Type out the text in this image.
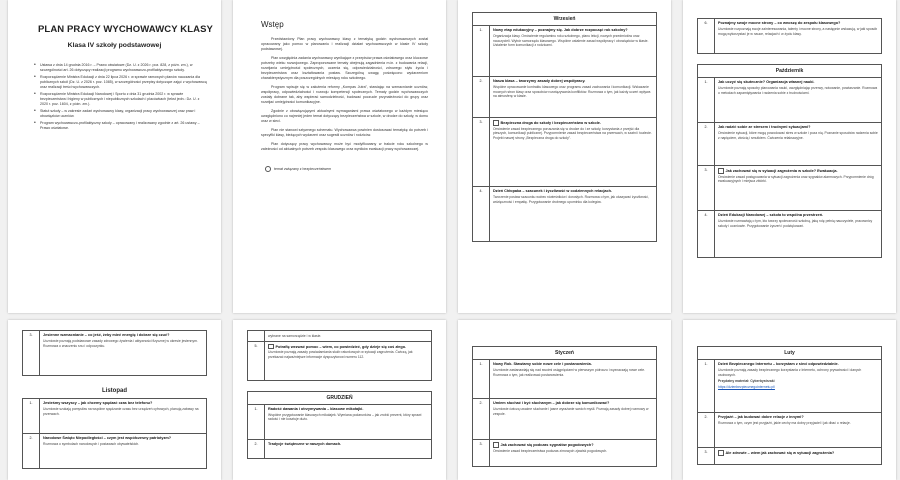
PLAN PRACY WYCHOWAWCY KLASY
Klasa IV szkoły podstawowej
• Ustawa z dnia 14 grudnia 2016 r. – Prawo oświatowe (Dz. U. z 2026 r. poz. 828, z późn. zm.), w szczególności art. 26 dotyczący realizacji programu wychowawczo-profilaktycznego szkoły.
• Rozporządzenie Ministra Edukacji z dnia 22 lipca 2026 r. w sprawie ramowych planów nauczania dla publicznych szkół (Dz. U. z 2026 r. poz. 1085), w szczególności przepisy dotyczące zajęć z wychowawcą oraz realizacji treści wychowawczych.
• Rozporządzenie Ministra Edukacji Narodowej i Sportu z dnia 31 grudnia 2002 r. w sprawie bezpieczeństwa i higieny w publicznych i niepublicznych szkołach i placówkach (tekst jedn.: Dz. U. z 2020 r. poz. 1604, z późn. zm.).
• Statut szkoły – w zakresie zadań wychowawcy klasy, organizacji pracy wychowawczej oraz praw i obowiązków uczniów.
• Program wychowawczo-profilaktyczny szkoły – opracowany i realizowany zgodnie z art. 26 ustawy – Prawo oświatowe.
Wstęp
Przedstawiony Plan pracy wychowawcy klasy z tematyką godzin wychowawczych został opracowany jako pomoc w planowaniu i realizacji działań wychowawczych w klasie IV szkoły podstawowej.
Plan uwzględnia zadania wychowawcy wynikające z przepisów prawa oświatowego oraz kluczowe potrzeby wieku rozwojowego. Zaproponowane tematy obejmują zagadnienia m.in. z budowania relacji, rozwijania umiejętności społecznych, uczenia się, odpowiedzialności, zdrowego stylu życia i bezpieczeństwa oraz kształtowania postaw. Szczególną uwagę poświęcono wydarzeniom charakterystycznym dla poszczególnych miesięcy roku szkolnego.
Program wpisuje się w założenia reformy „Kompas Jutra”, stawiając na wzmacnianie uczniów, współpracy, odpowiedzialności i rozwoju kompetencji społecznych. Tematy godzin wychowawczych zostały dobrane tak, aby wspierać samodzielność, budować poczucie przynależności do grupy oraz rozwijać umiejętności komunikacyjne.
Zgodnie z obowiązującymi aktualnymi wymaganiami prawa oświatowego w każdym miesiącu uwzględniono co najmniej jeden temat dotyczący bezpieczeństwa w szkole, w drodze do szkoły, w domu oraz w sieci.
Plan nie stanowi sztywnego schematu. Wychowawca powinien dostosować tematykę do potrzeb i specyfiki klasy, bieżących wydarzeń oraz sugestii uczniów i rodziców.
Plan dotyczący pracy wychowawcy może być modyfikowany w trakcie roku szkolnego w zależności od aktualnych potrzeb zespołu klasowego oraz wyników ewaluacji pracy wychowawczej.
temat związany z bezpieczeństwem
Wrzesień	
1.	Nowy etap edukacyjny – poznajmy się. Jak dobrze rozpocząć rok szkolny?
Organizacja klasy. Omówienie regulaminu roku szkolnego, planu lekcji, nowych przedmiotów oraz nauczycieli. Wybór samorządu klasowego. Wspólne ustalenie zasad współpracy i obowiązków w klasie. Ustalenie form komunikacji z rodzicami.

2.	Nasza klasa – tworzymy zasady dobrej współpracy.
Wspólne opracowanie kontraktu klasowego oraz programu zasad zachowania i komunikacji. Wskazanie mocnych stron klasy oraz sposobów rozwiązywania konfliktów. Rozmowa o tym, jak każdy uczeń wpływa na atmosferę w klasie.

3.	Bezpieczna droga do szkoły i bezpieczeństwo w szkole.
Omówienie zasad bezpiecznego poruszania się w drodze do i ze szkoły, korzystania z przejść dla pieszych, komunikacji publicznej. Przypomnienie zasad bezpieczeństwa na przerwach, w szatni i toalecie. Projekt naszej strony „Bezpieczna droga do szkoły”.

4.	Dzień Chłopaka – szacunek i życzliwość w codziennych relacjach.
Tworzenie postaw szacunku wobec rówieśników i dorosłych. Rozmowa o tym, jak okazywać życzliwość, wdzięczność i empatię. Przygotowanie drobnego upominku dla kolegów.
6.	Poznajmy swoje mocne strony – co wnoszę do zespołu klasowego?
Uczniowie rozpoznają swoje zainteresowania, talenty i mocne strony, a następnie wskazują, w jaki sposób mogą wykorzystać je w nauce, relacjach i w życiu klasy.
Październik	
1.	Jak uczyć się skutecznie? Organizacja własnej nauki.
Uczniowie poznają sposoby planowania nauki, uwzględniając przerwy, notowanie, powtarzanie. Rozmowa o metodach zapamiętywania i radzenia sobie z trudnościami.

2.	Jak radzić sobie ze stresem i trudnymi sytuacjami?
Omówienie sytuacji, które mogą powodować stres w szkole i poza nią. Poznanie sposobów radzenia sobie z napięciem, złością i smutkiem. Ćwiczenia relaksacyjne.

3.	Jak zachować się w sytuacji zagrożenia w szkole? Ewakuacja.
Omówienie zasad postępowania w sytuacji zagrożenia oraz sygnałów alarmowych. Przypomnienie dróg ewakuacyjnych i miejsca zbiórki.

4.	Dzień Edukacji Narodowej – szkoła to wspólna przestrzeń.
Uczniowie rozmawiają o tym, kto tworzy społeczność szkolną, jaką rolę pełnią nauczyciele, pracownicy szkoły i uczniowie. Przygotowanie życzeń i podziękowań.
3.	Jesienne wzmacnianie – co jeść, żeby mieć energię i dobrze się czuć?
Uczniowie poznają podstawowe zasady zdrowego żywienia i aktywności fizycznej w okresie jesiennym. Rozmowa o znaczeniu snu i odpoczynku.
Listopad
1.	Jesteśmy wszyscy – jak chcemy spędzać czas bez telefonu?
Uczniowie szukają pomysłów na wspólne spędzanie czasu bez urządzeń cyfrowych, planują zabawy na przerwach.

2.	Narodowe Święto Niepodległości – czym jest współczesny patriotyzm?
Rozmowa o symbolach narodowych i postawach obywatelskich.

	wybrane na samorządzie i w klasie.

5.	Potrafię wezwać pomoc – wiem, co powiedzieć, gdy dzieje się coś złego.
Uczniowie poznają zasady powiadamiania służb ratunkowych w sytuacji zagrożenia. Ćwiczą, jak przekazać najważniejsze informacje dyspozytorowi numeru 112.
GRUDZIEŃ	
1.	Radość dawania i otrzymywania – klasowe mikołajki.
Wspólne przygotowanie klasowych mikołajek. Wymiana podarunków – jak zrobić prezent, który sprawi radość i nie kosztuje dużo.

2.	Tradycje świąteczne w naszych domach.
Styczeń	
1.	Nowy Rok. Stawiamy sobie nowe cele i postanowienia.
Uczniowie zastanawiają się nad swoimi osiągnięciami w pierwszym półroczu i wyznaczają nowe cele. Rozmowa o tym, jak realizować postanowienia.

2.	Umiem słuchać i być słuchanym – jak dobrze się komunikować?
Uczniowie ćwiczą uważne słuchanie i jasne wyrażanie swoich myśli. Poznają zasady dobrej rozmowy w zespole.

3.	Jak zachować się podczas sygnałów pogodowych?
Omówienie zasad bezpieczeństwa podczas zimowych zjawisk pogodowych.
Luty	
1.	Dzień Bezpiecznego Internetu – korzystam z sieci odpowiedzialnie.
Uczniowie poznają zasady bezpiecznego korzystania z Internetu, ochrony prywatności i danych osobowych.
Przydatny materiał: Cyberbystrzaki
https://dzienbezpiecznegointernetu.pl/

2.	Przyjaźń – jak budować dobre relacje z innymi?
Rozmowa o tym, czym jest przyjaźń, jakie cechy ma dobry przyjaciel i jak dbać o relacje.

3.	Ale zdrowie – wiem jak zachować się w sytuacji zagrożenia?
